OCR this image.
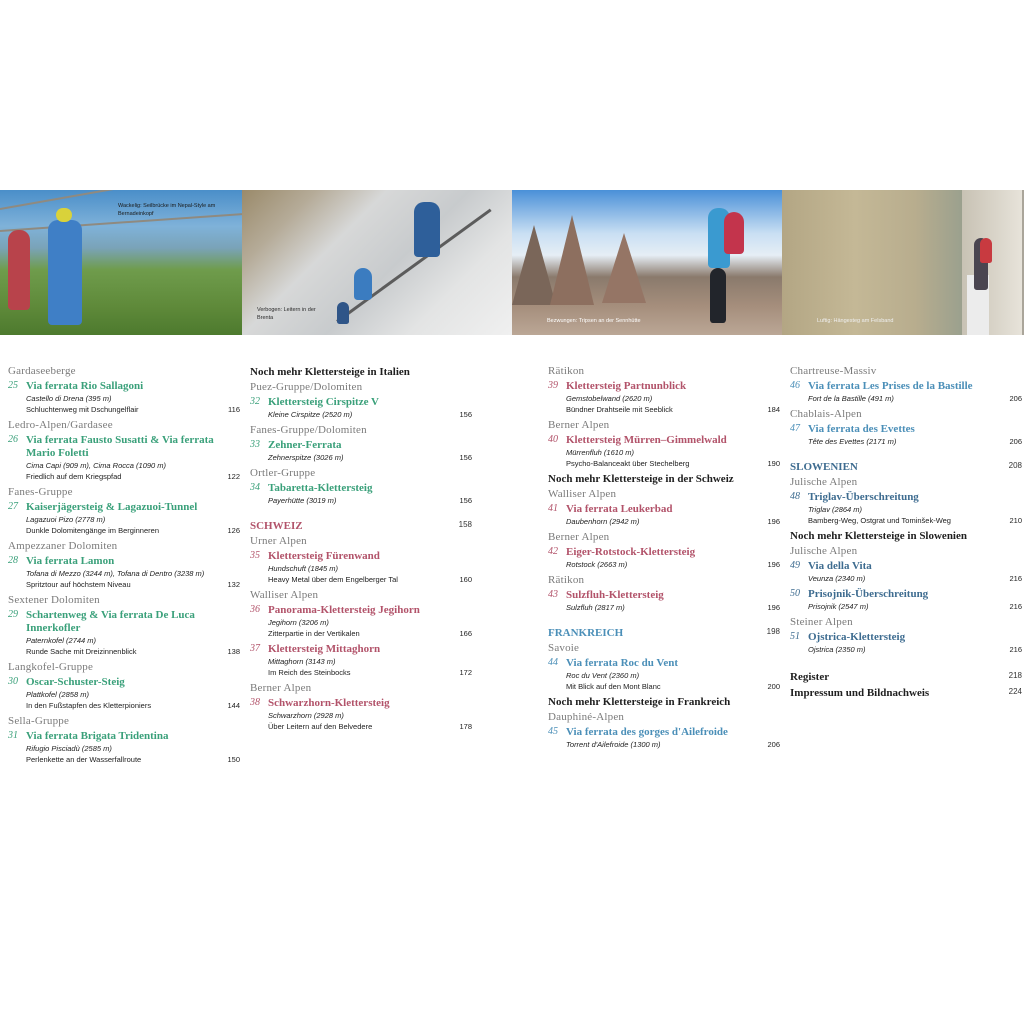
Wackelig: Seilbrücke im Nepal-Style am Bernadeinkopf
Verbogen: Leitern in der Brenta
Bezwungen: Tripsen an der Sennhütte	Luftig: Hängesteg am Felsband
Gardaseeberge
25 Via ferrata Rio Sallagoni
Castello di Drena (395 m)
Schluchtenweg mit Dschungelflair	116
Ledro-Alpen/Gardasee
26 Via ferrata Fausto Susatti & Via ferrata Mario Foletti
Cima Capi (909 m), Cima Rocca (1090 m)
Friedlich auf dem Kriegspfad	122
Fanes-Gruppe
27 Kaiserjägersteig & Lagazuoi-Tunnel
Lagazuoi Pizo (2778 m)
Dunkle Dolomitengänge im Berginneren	126
Ampezzaner Dolomiten
28 Via ferrata Lamon
Tofana di Mezzo (3244 m), Tofana di Dentro (3238 m)
Spritztour auf höchstem Niveau	132
Sextener Dolomiten
29 Schartenweg & Via ferrata De Luca Innerkofler
Paternkofel (2744 m)
Runde Sache mit Dreizinnenblick	138
Langkofel-Gruppe
30 Oscar-Schuster-Steig
Plattkofel (2858 m)
In den Fußstapfen des Kletterpioniers	144
Sella-Gruppe
31 Via ferrata Brigata Tridentina
Rifugio Pisciadù (2585 m)
Perlenkette an der Wasserfallroute	150
Noch mehr Klettersteige in Italien
Puez-Gruppe/Dolomiten
32 Klettersteig Cirspitze V
Kleine Cirspitze (2520 m)	156
Fanes-Gruppe/Dolomiten
33 Zehner-Ferrata
Zehnerspitze (3026 m)	156
Ortler-Gruppe
34 Tabaretta-Klettersteig
Payerhütte (3019 m)	156
SCHWEIZ	158
Urner Alpen
35 Klettersteig Fürenwand
Hundschuft (1845 m)
Heavy Metal über dem Engelberger Tal	160
Walliser Alpen
36 Panorama-Klettersteig Jegihorn
Jegihorn (3206 m)
Zitterpartie in der Vertikalen	166
37 Klettersteig Mittaghorn
Mittaghorn (3143 m)
Im Reich des Steinbocks	172
Berner Alpen
38 Schwarzhorn-Klettersteig
Schwarzhorn (2928 m)
Über Leitern auf den Belvedere	178
Rätikon
39 Klettersteig Partnunblick
Gemstobelwand (2620 m)
Bündner Drahtseile mit Seeblick	184
Berner Alpen
40 Klettersteig Mürren–Gimmelwald
Mürrenfluh (1610 m)
Psycho-Balanceakt über Stechelberg	190
Noch mehr Klettersteige in der Schweiz
Walliser Alpen
41 Via ferrata Leukerbad
Daubenhorn (2942 m)	196
Berner Alpen
42 Eiger-Rotstock-Klettersteig
Rotstock (2663 m)	196
Rätikon
43 Sulzfluh-Klettersteig
Sulzfluh (2817 m)	196
FRANKREICH	198
Savoie
44 Via ferrata Roc du Vent
Roc du Vent (2360 m)
Mit Blick auf den Mont Blanc	200
Noch mehr Klettersteige in Frankreich
Dauphiné-Alpen
45 Via ferrata des gorges d'Ailefroide
Torrent d'Ailefroide (1300 m)	206
Chartreuse-Massiv
46 Via ferrata Les Prises de la Bastille
Fort de la Bastille (491 m)	206
Chablais-Alpen
47 Via ferrata des Evettes
Tête des Evettes (2171 m)	206
SLOWENIEN	208
Julische Alpen
48 Triglav-Überschreitung
Triglav (2864 m)
Bamberg-Weg, Ostgrat und Tominšek-Weg	210
Noch mehr Klettersteige in Slowenien
Julische Alpen
49 Via della Vita
Veunza (2340 m)	216
50 Prisojnik-Überschreitung
Prisojnik (2547 m)	216
Steiner Alpen
51 Ojstrica-Klettersteig
Ojstrica (2350 m)	216
Register	218
Impressum und Bildnachweis	224
